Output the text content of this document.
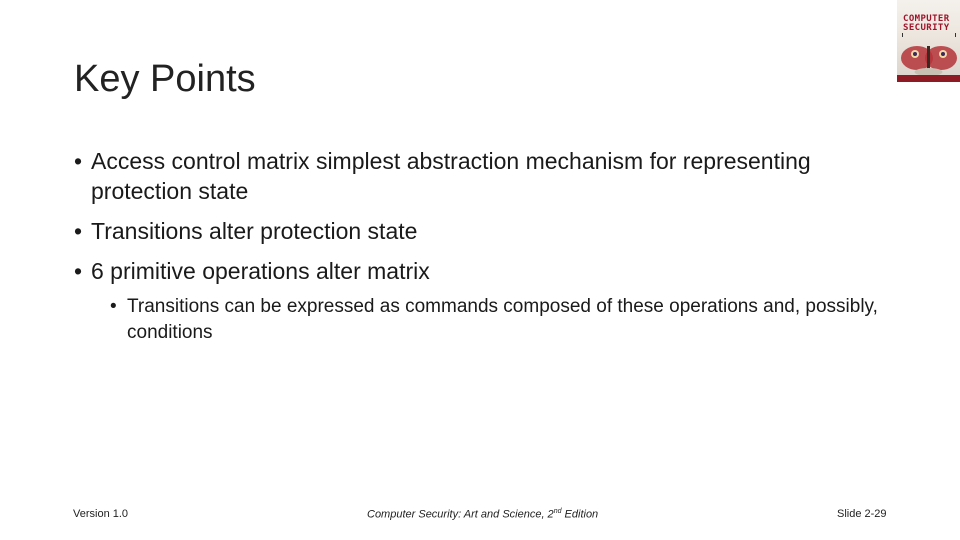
Key Points
COMPUTER
SECURITY
• Access control matrix simplest abstraction mechanism for representing protection state
• Transitions alter protection state
• 6 primitive operations alter matrix
• Transitions can be expressed as commands composed of these operations and, possibly, conditions
Version 1.0	Computer Security: Art and Science, 2nd Edition	Slide 2-29
